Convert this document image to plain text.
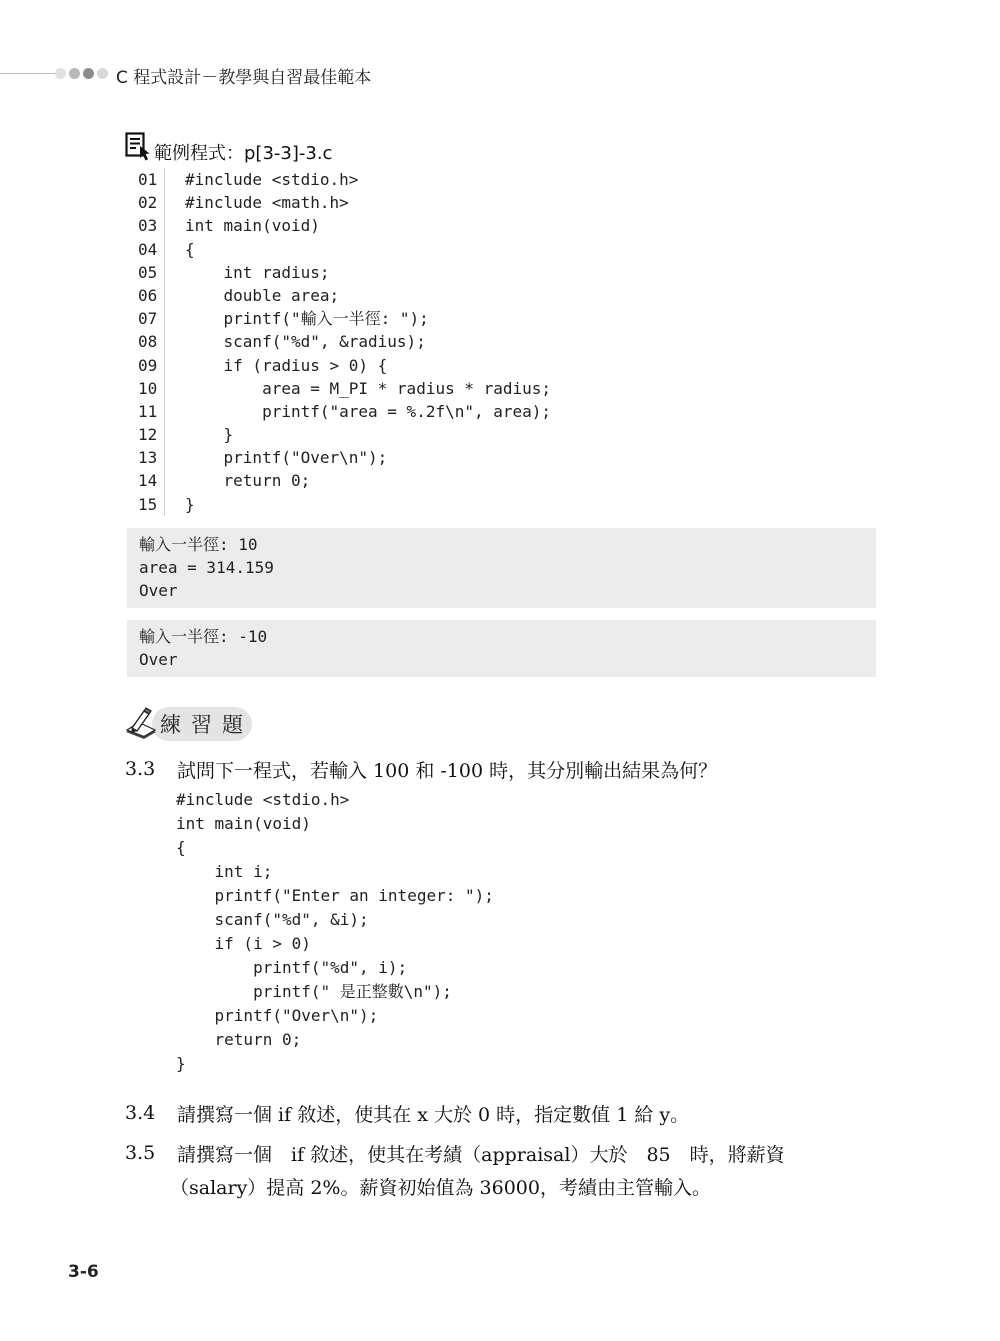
C 程式設計－教學與自習最佳範本
範例程式：p[3-3]-3.c
01	#include <stdio.h>
02	#include <math.h>
03	int main(void)
04	{
05	int radius;
06	double area;
07	printf("輸入一半徑: ");
08	scanf("%d", &radius);
09	if (radius > 0) {
10	area = M_PI * radius * radius;
11	printf("area = %.2f\n", area);
12	}
13	printf("Over\n");
14	return 0;
15	}
輸入一半徑: 10
area = 314.159
Over
輸入一半徑: -10
Over
練習題
3.3 試問下一程式，若輸入 100 和 -100 時，其分別輸出結果為何？
#include <stdio.h>
int main(void)
{
int i;
printf("Enter an integer: ");
scanf("%d", &i);
if (i > 0)
printf("%d", i);
printf(" 是正整數\n");
printf("Over\n");
return 0;
}
3.4 請撰寫一個 if 敘述，使其在 x 大於 0 時，指定數值 1 給 y。
3.5 請撰寫一個　if 敘述，使其在考績（appraisal）大於　85　時，將薪資
（salary）提高 2%。薪資初始值為 36000，考績由主管輸入。
3-6
